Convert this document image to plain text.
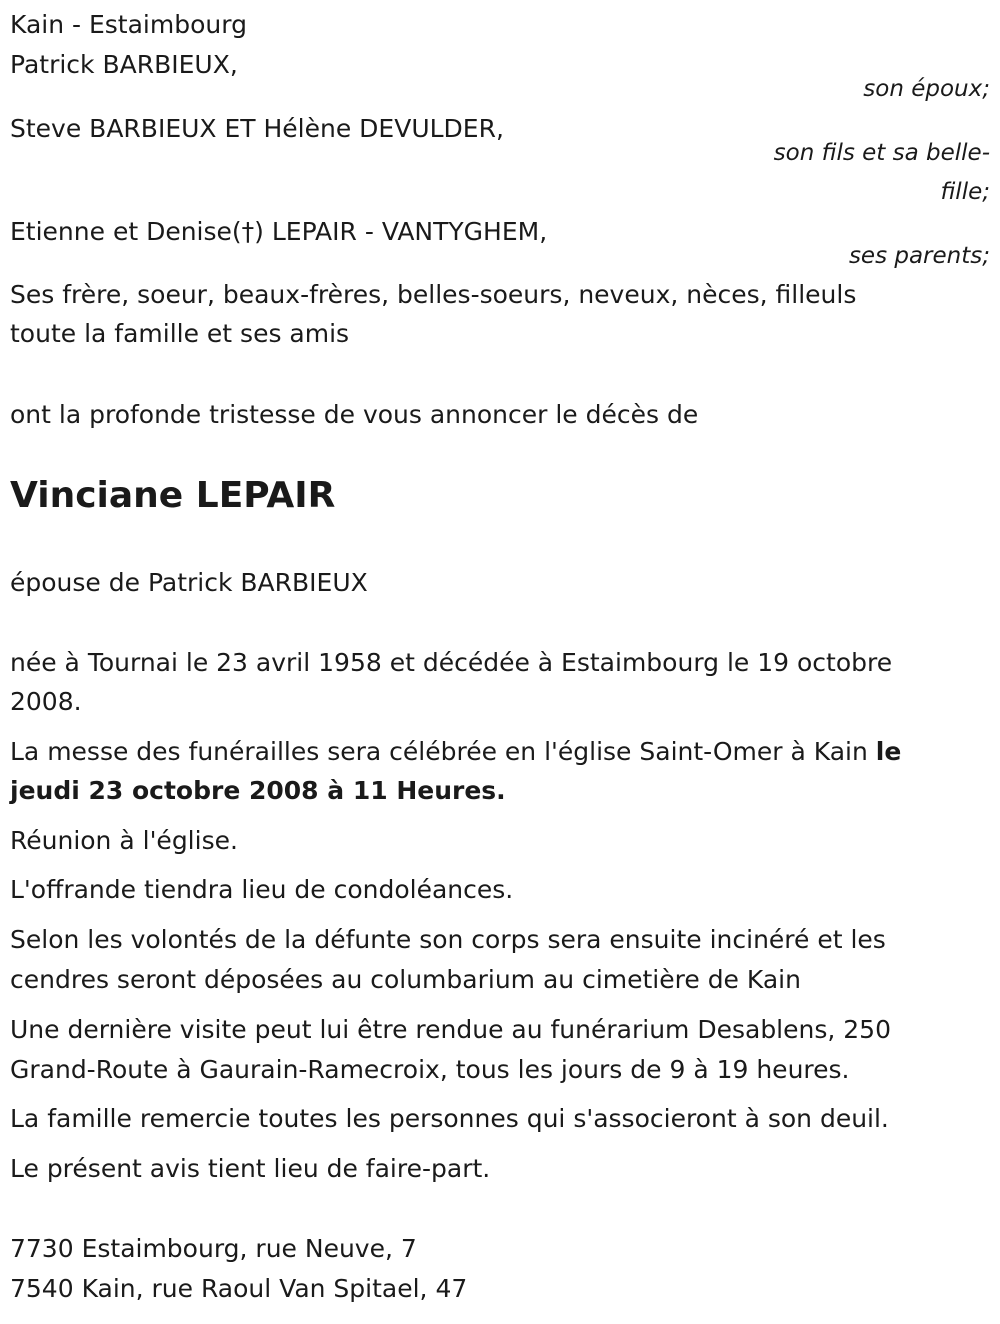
Kain - Estaimbourg
Patrick BARBIEUX,
son époux;
Steve BARBIEUX ET Hélène DEVULDER,
son fils et sa belle-
fille;
Etienne et Denise(†) LEPAIR - VANTYGHEM,
ses parents;
Ses frère, soeur, beaux-frères, belles-soeurs, neveux, nèces, filleuls
toute la famille et ses amis
ont la profonde tristesse de vous annoncer le décès de
Vinciane LEPAIR
épouse de Patrick BARBIEUX
née à Tournai le 23 avril 1958 et décédée à Estaimbourg le 19 octobre
2008.
La messe des funérailles sera célébrée en l'église Saint-Omer à Kain le
jeudi 23 octobre 2008 à 11 Heures.
Réunion à l'église.
L'offrande tiendra lieu de condoléances.
Selon les volontés de la défunte son corps sera ensuite inciné‌ré et les
cendres seront déposées au columbarium au cimetière de Kain
Une dernière visite peut lui être rendue au funérarium Desablens, 250
Grand-Route à Gaurain-Ramecroix, tous les jours de 9 à 19 heures.
La famille remercie toutes les personnes qui s'associeront à son deuil.
Le présent avis tient lieu de faire-part.
7730 Estaimbourg, rue Neuve, 7
7540 Kain, rue Raoul Van Spitael, 47
